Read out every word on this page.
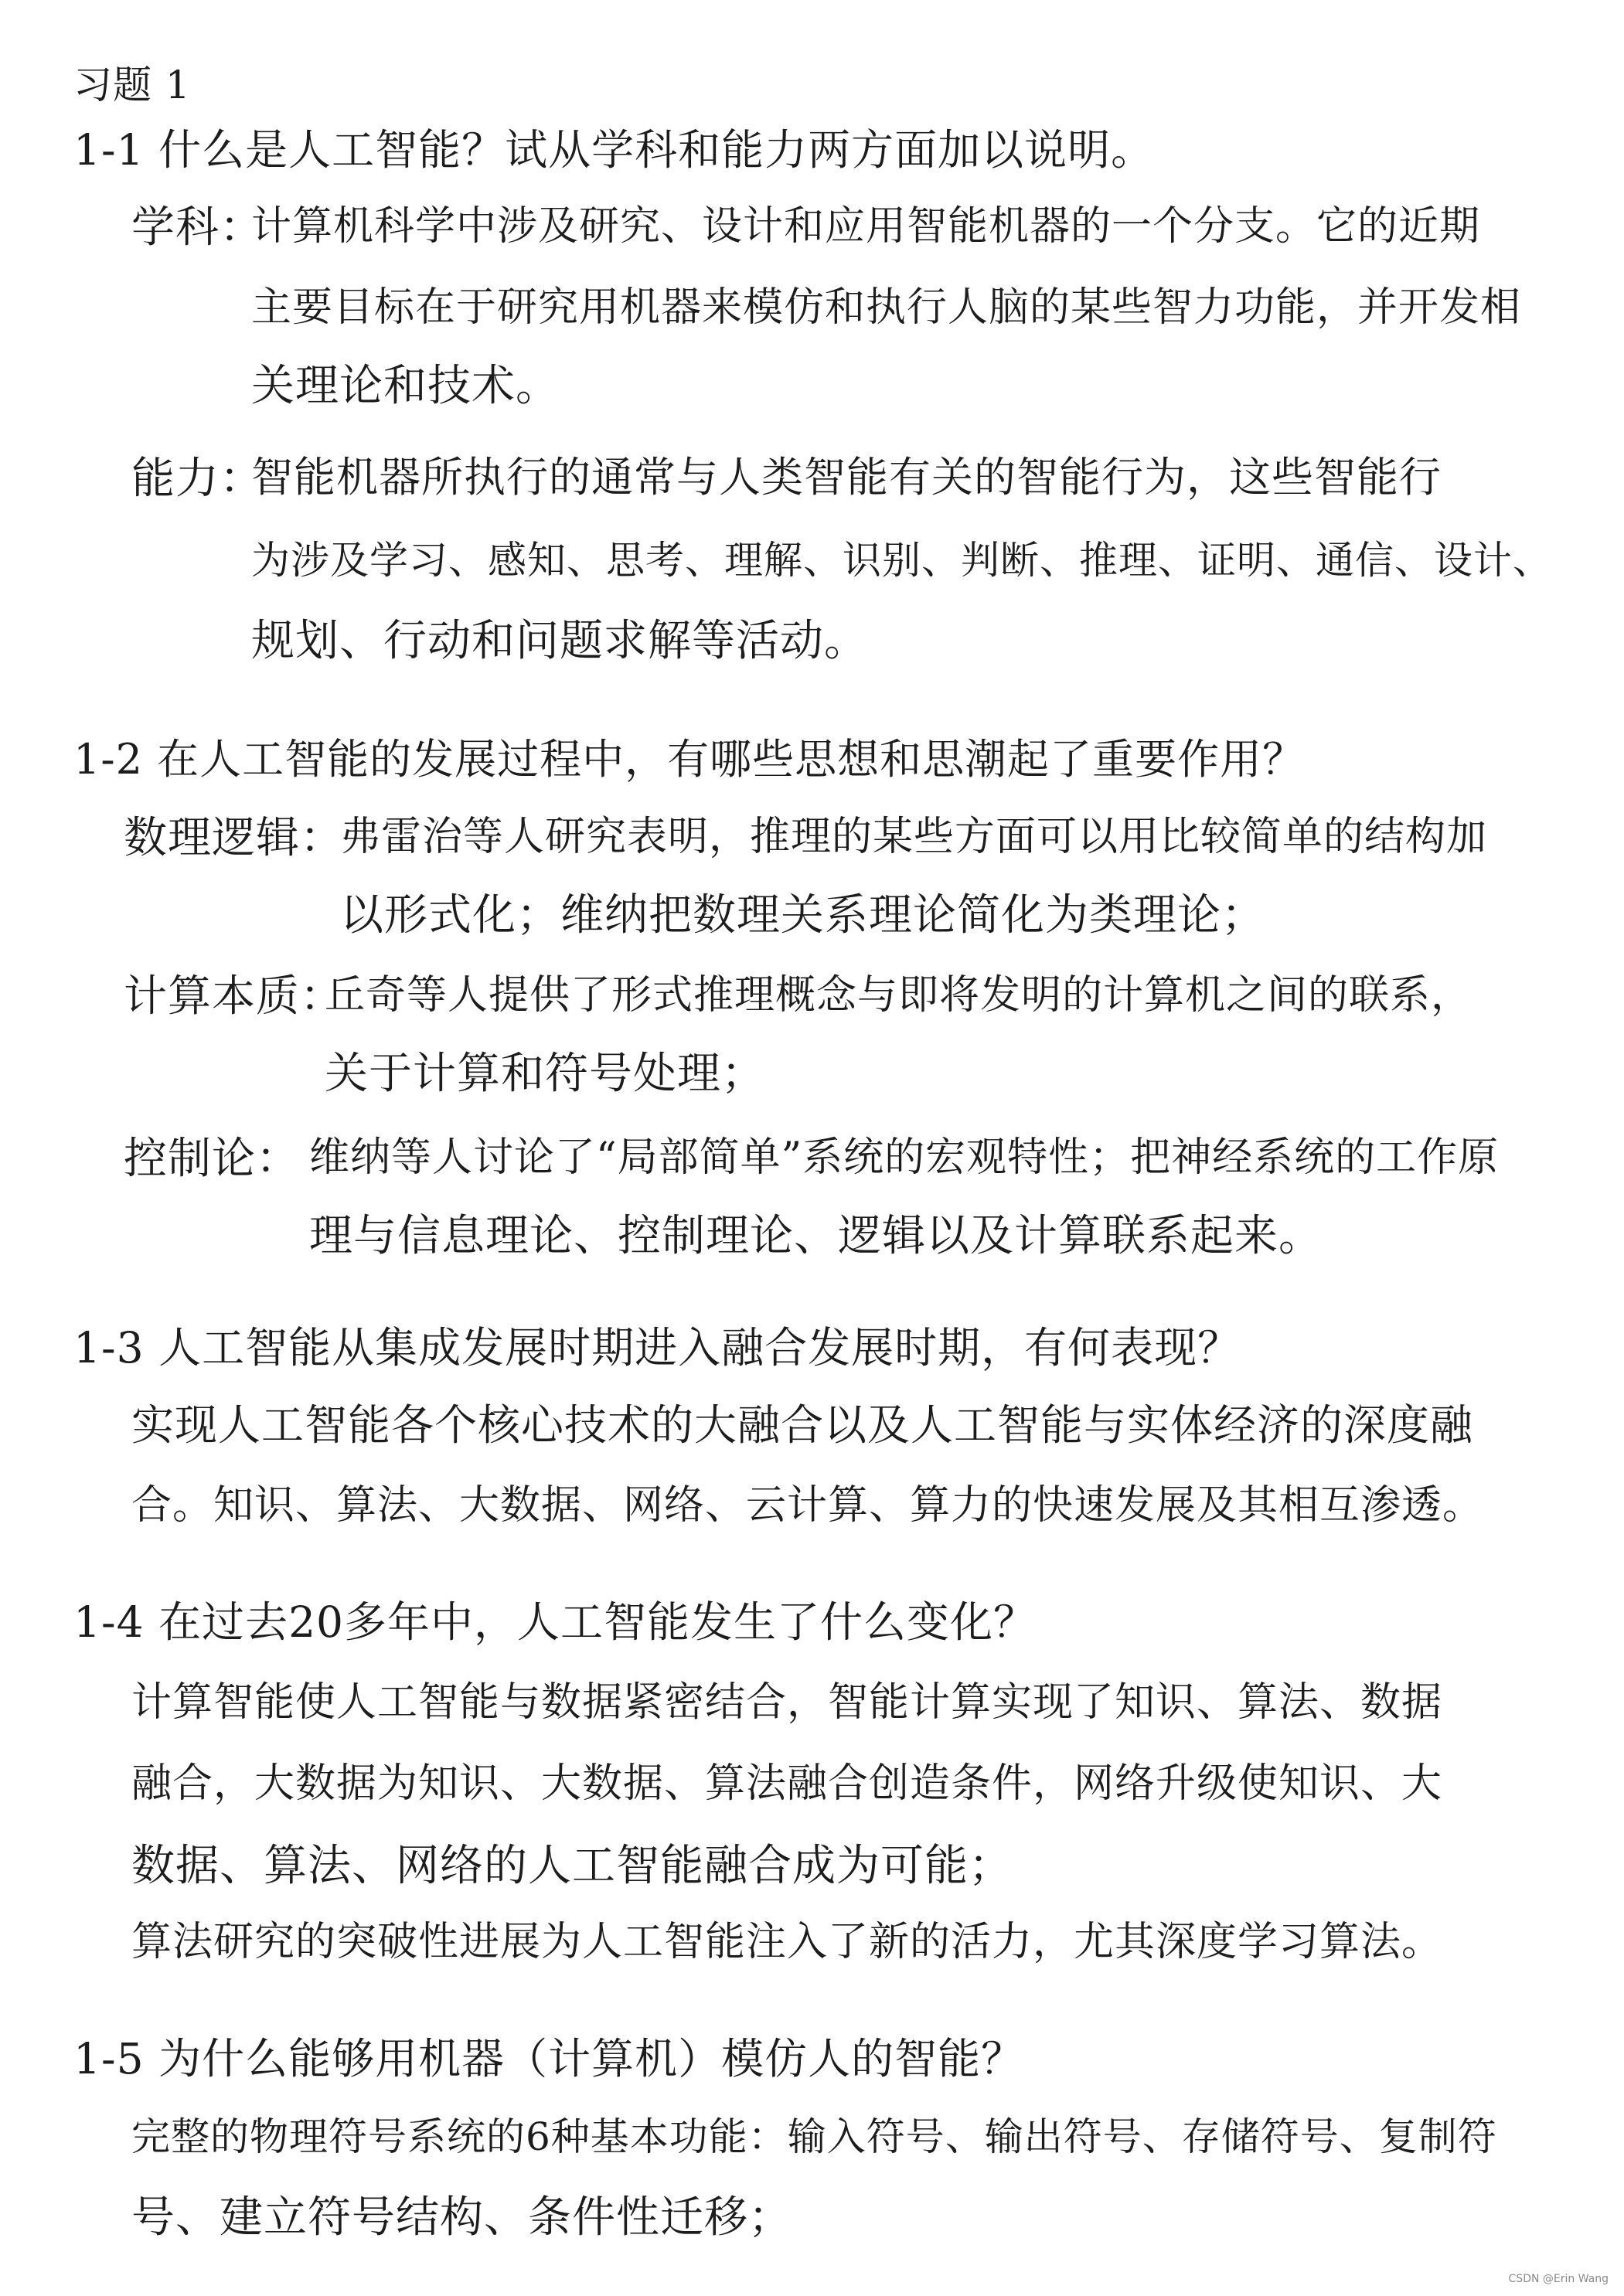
习题 1
1-1 什么是人工智能？试从学科和能力两方面加以说明。
学科：
计算机科学中涉及研究、设计和应用智能机器的一个分支。它的近期
主要目标在于研究用机器来模仿和执行人脑的某些智力功能，并开发相
关理论和技术。
能力：
智能机器所执行的通常与人类智能有关的智能行为，这些智能行
为涉及学习、感知、思考、理解、识别、判断、推理、证明、通信、设计、
规划、行动和问题求解等活动。
1-2 在人工智能的发展过程中，有哪些思想和思潮起了重要作用？
数理逻辑：
弗雷治等人研究表明，推理的某些方面可以用比较简单的结构加
以形式化；维纳把数理关系理论简化为类理论；
计算本质：
丘奇等人提供了形式推理概念与即将发明的计算机之间的联系，
关于计算和符号处理；
控制论： 维纳等人讨论了“局部简单”系统的宏观特性；把神经系统的工作原
理与信息理论、控制理论、逻辑以及计算联系起来。
1-3 人工智能从集成发展时期进入融合发展时期，有何表现？
实现人工智能各个核心技术的大融合以及人工智能与实体经济的深度融
合。知识、算法、大数据、网络、云计算、算力的快速发展及其相互渗透。
1-4 在过去20多年中，人工智能发生了什么变化？
计算智能使人工智能与数据紧密结合，智能计算实现了知识、算法、数据
融合，大数据为知识、大数据、算法融合创造条件，网络升级使知识、大
数据、算法、网络的人工智能融合成为可能；
算法研究的突破性进展为人工智能注入了新的活力，尤其深度学习算法。
1-5 为什么能够用机器（计算机）模仿人的智能？
完整的物理符号系统的6种基本功能：输入符号、输出符号、存储符号、复制符
号、建立符号结构、条件性迁移；
CSDN @Erin Wang
